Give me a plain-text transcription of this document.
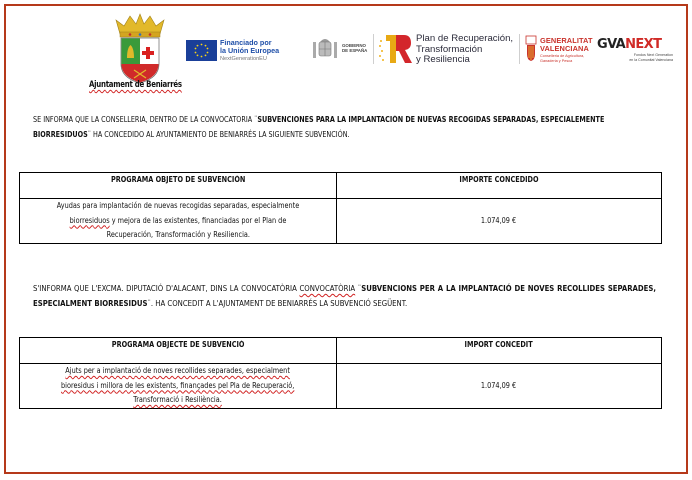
Ajuntament de Beniarrés
Financiado por
la Unión Europea
NextGenerationEU
GOBIERNO
DE ESPAÑA
Plan de Recuperación,
Transformación
y Resiliencia
GENERALITAT
VALENCIANA
Conselleria de Agricultura,
Ganaderia y Pesca
GVANEXT
Fondos Next Generation
en la Comunitat Valenciana
SE INFORMA QUE LA CONSELLERIA, DENTRO DE LA CONVOCATORIA ¨SUBVENCIONES PARA LA IMPLANTACIÓN DE NUEVAS RECOGIDAS SEPARADAS, ESPECIALEMENTE BIORRESIDUOS¨ HA CONCEDIDO AL AYUNTAMIENTO DE BENIARRÉS LA SIGUIENTE SUBVENCIÓN.
PROGRAMA OBJETO DE SUBVENCIÓN	IMPORTE CONCEDIDO
Ayudas para implantación de nuevas recogidas separadas, especialmente
biorresiduos y mejora de las existentes, financiadas por el Plan de
Recuperación, Transformación y Resiliencia.	1.074,09 €
S'INFORMA QUE L'EXCMA. DIPUTACIÓ D'ALACANT, DINS LA CONVOCATÒRIA CONVOCATÒRIA ¨SUBVENCIONS PER A LA IMPLANTACIÓ DE NOVES RECOLLIDES SEPARADES, ESPECIALMENT BIORRESIDUS¨. HA CONCEDIT A L'AJUNTAMENT DE BENIARRÉS LA SUBVENCIÓ SEGÜENT.
PROGRAMA OBJECTE DE SUBVENCIÓ	IMPORT CONCEDIT
Ajuts per a implantació de noves recollides separades, especialment
bioresidus i millora de les existents, finançades pel Pla de Recuperació,
Transformació i Resiliència.	1.074,09 €
